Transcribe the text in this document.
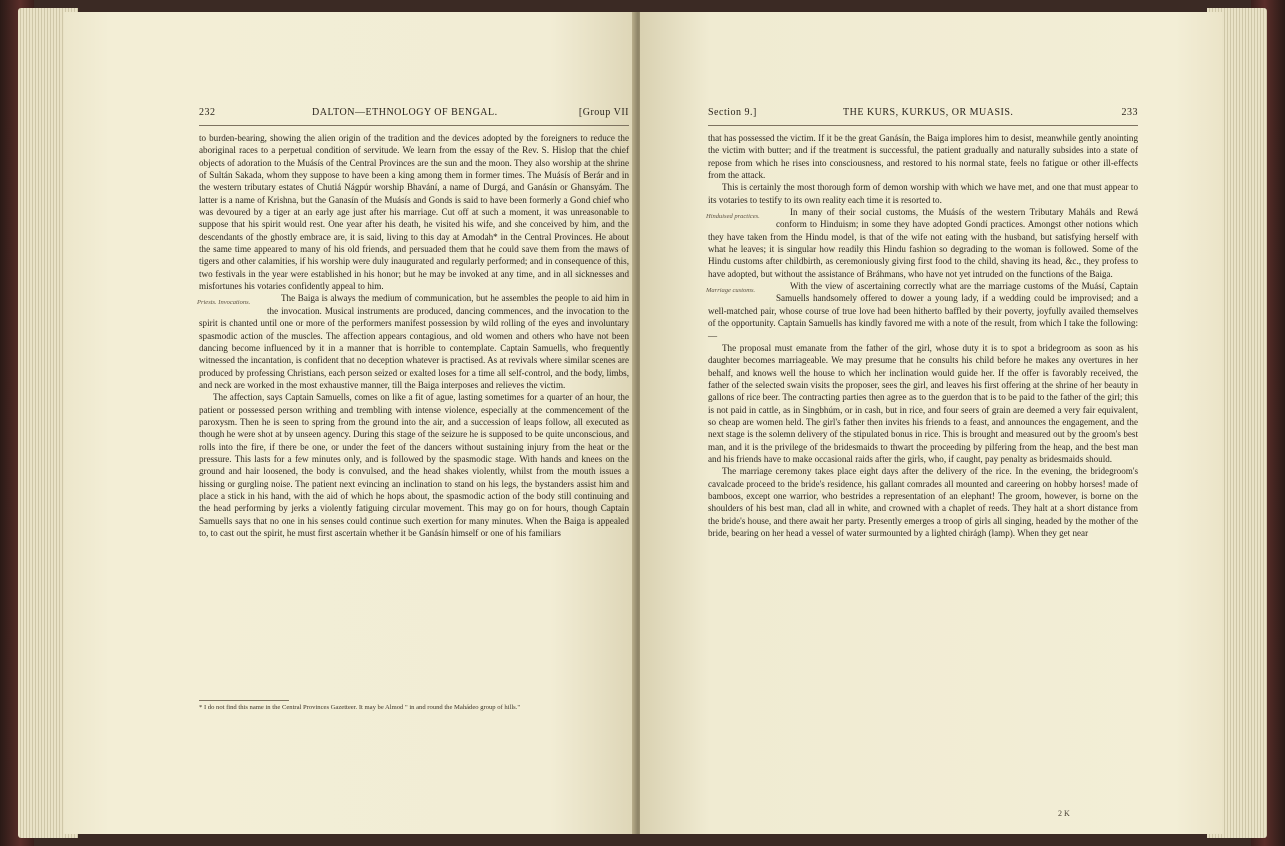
232	DALTON—ETHNOLOGY OF BENGAL.	[Group VII

to burden-bearing, showing the alien origin of the tradition and the devices adopted by the foreigners to reduce the aboriginal races to a perpetual condition of servitude. We learn from the essay of the Rev. S. Hislop that the chief objects of adoration to the Muásís of the Central Provinces are the sun and the moon. They also worship at the shrine of Sultán Sakada, whom they suppose to have been a king among them in former times. The Muásís of Berár and in the western tributary estates of Chutiá Nágpúr worship Bhavání, a name of Durgá, and Ganásín or Ghansyám. The latter is a name of Krishna, but the Ganasín of the Muásís and Gonds is said to have been formerly a Gond chief who was devoured by a tiger at an early age just after his marriage. Cut off at such a moment, it was unreasonable to suppose that his spirit would rest. One year after his death, he visited his wife, and she conceived by him, and the descendants of the ghostly embrace are, it is said, living to this day at Amodah* in the Central Provinces. He about the same time appeared to many of his old friends, and persuaded them that he could save them from the maws of tigers and other calamities, if his worship were duly inaugurated and regularly performed; and in consequence of this, two festivals in the year were established in his honor; but he may be invoked at any time, and in all sicknesses and misfortunes his votaries confidently appeal to him.

Priests. Invocations.	The Baiga is always the medium of communication, but he assembles the people to aid him in the invocation. Musical instruments are produced, dancing commences, and the invocation to the spirit is chanted until one or more of the performers manifest possession by wild rolling of the eyes and involuntary spasmodic action of the muscles. The affection appears contagious, and old women and others who have not been dancing become influenced by it in a manner that is horrible to contemplate. Captain Samuells, who frequently witnessed the incantation, is confident that no deception whatever is practised. As at revivals where similar scenes are produced by professing Christians, each person seized or exalted loses for a time all self-control, and the body, limbs, and neck are worked in the most exhaustive manner, till the Baiga interposes and relieves the victim.

The affection, says Captain Samuells, comes on like a fit of ague, lasting sometimes for a quarter of an hour, the patient or possessed person writhing and trembling with intense violence, especially at the commencement of the paroxysm. Then he is seen to spring from the ground into the air, and a succession of leaps follow, all executed as though he were shot at by unseen agency. During this stage of the seizure he is supposed to be quite unconscious, and rolls into the fire, if there be one, or under the feet of the dancers without sustaining injury from the heat or the pressure. This lasts for a few minutes only, and is followed by the spasmodic stage. With hands and knees on the ground and hair loosened, the body is convulsed, and the head shakes violently, whilst from the mouth issues a hissing or gurgling noise. The patient next evincing an inclination to stand on his legs, the bystanders assist him and place a stick in his hand, with the aid of which he hops about, the spasmodic action of the body still continuing and the head performing by jerks a violently fatiguing circular movement. This may go on for hours, though Captain Samuells says that no one in his senses could continue such exertion for many minutes. When the Baiga is appealed to, to cast out the spirit, he must first ascertain whether it be Ganásín himself or one of his familiars

* I do not find this name in the Central Provinces Gazetteer. It may be Almod " in and round the Mahádeo group of hills."
Section 9.]	THE KURS, KURKUS, OR MUASIS.	233

that has possessed the victim. If it be the great Ganásín, the Baiga implores him to desist, meanwhile gently anointing the victim with butter; and if the treatment is successful, the patient gradually and naturally subsides into a state of repose from which he rises into consciousness, and restored to his normal state, feels no fatigue or other ill-effects from the attack.

This is certainly the most thorough form of demon worship with which we have met, and one that must appear to its votaries to testify to its own reality each time it is resorted to.

Hinduised practices.	In many of their social customs, the Muásís of the western Tributary Maháls and Rewá conform to Hinduism; in some they have adopted Gondí practices. Amongst other notions which they have taken from the Hindu model, is that of the wife not eating with the husband, but satisfying herself with what he leaves; it is singular how readily this Hindu fashion so degrading to the woman is followed. Some of the Hindu customs after childbirth, as ceremoniously giving first food to the child, shaving its head, &c., they profess to have adopted, but without the assistance of Bráhmans, who have not yet intruded on the functions of the Baiga.

Marriage customs.	With the view of ascertaining correctly what are the marriage customs of the Muásí, Captain Samuells handsomely offered to dower a young lady, if a wedding could be improvised; and a well-matched pair, whose course of true love had been hitherto baffled by their poverty, joyfully availed themselves of the opportunity. Captain Samuells has kindly favored me with a note of the result, from which I take the following:—

The proposal must emanate from the father of the girl, whose duty it is to spot a bridegroom as soon as his daughter becomes marriageable. We may presume that he consults his child before he makes any overtures in her behalf, and knows well the house to which her inclination would guide her. If the offer is favorably received, the father of the selected swain visits the proposer, sees the girl, and leaves his first offering at the shrine of her beauty in gallons of rice beer. The contracting parties then agree as to the guerdon that is to be paid to the father of the girl; this is not paid in cattle, as in Singbhúm, or in cash, but in rice, and four seers of grain are deemed a very fair equivalent, so cheap are women held. The girl's father then invites his friends to a feast, and announces the engagement, and the next stage is the solemn delivery of the stipulated bonus in rice. This is brought and measured out by the groom's best man, and it is the privilege of the bridesmaids to thwart the proceeding by pilfering from the heap, and the best man and his friends have to make occasional raids after the girls, who, if caught, pay penalty as bridesmaids should.

The marriage ceremony takes place eight days after the delivery of the rice. In the evening, the bridegroom's cavalcade proceed to the bride's residence, his gallant comrades all mounted and careering on hobby horses! made of bamboos, except one warrior, who bestrides a representation of an elephant! The groom, however, is borne on the shoulders of his best man, clad all in white, and crowned with a chaplet of reeds. They halt at a short distance from the bride's house, and there await her party. Presently emerges a troop of girls all singing, headed by the mother of the bride, bearing on her head a vessel of water surmounted by a lighted chirágh (lamp). When they get near

2 K
